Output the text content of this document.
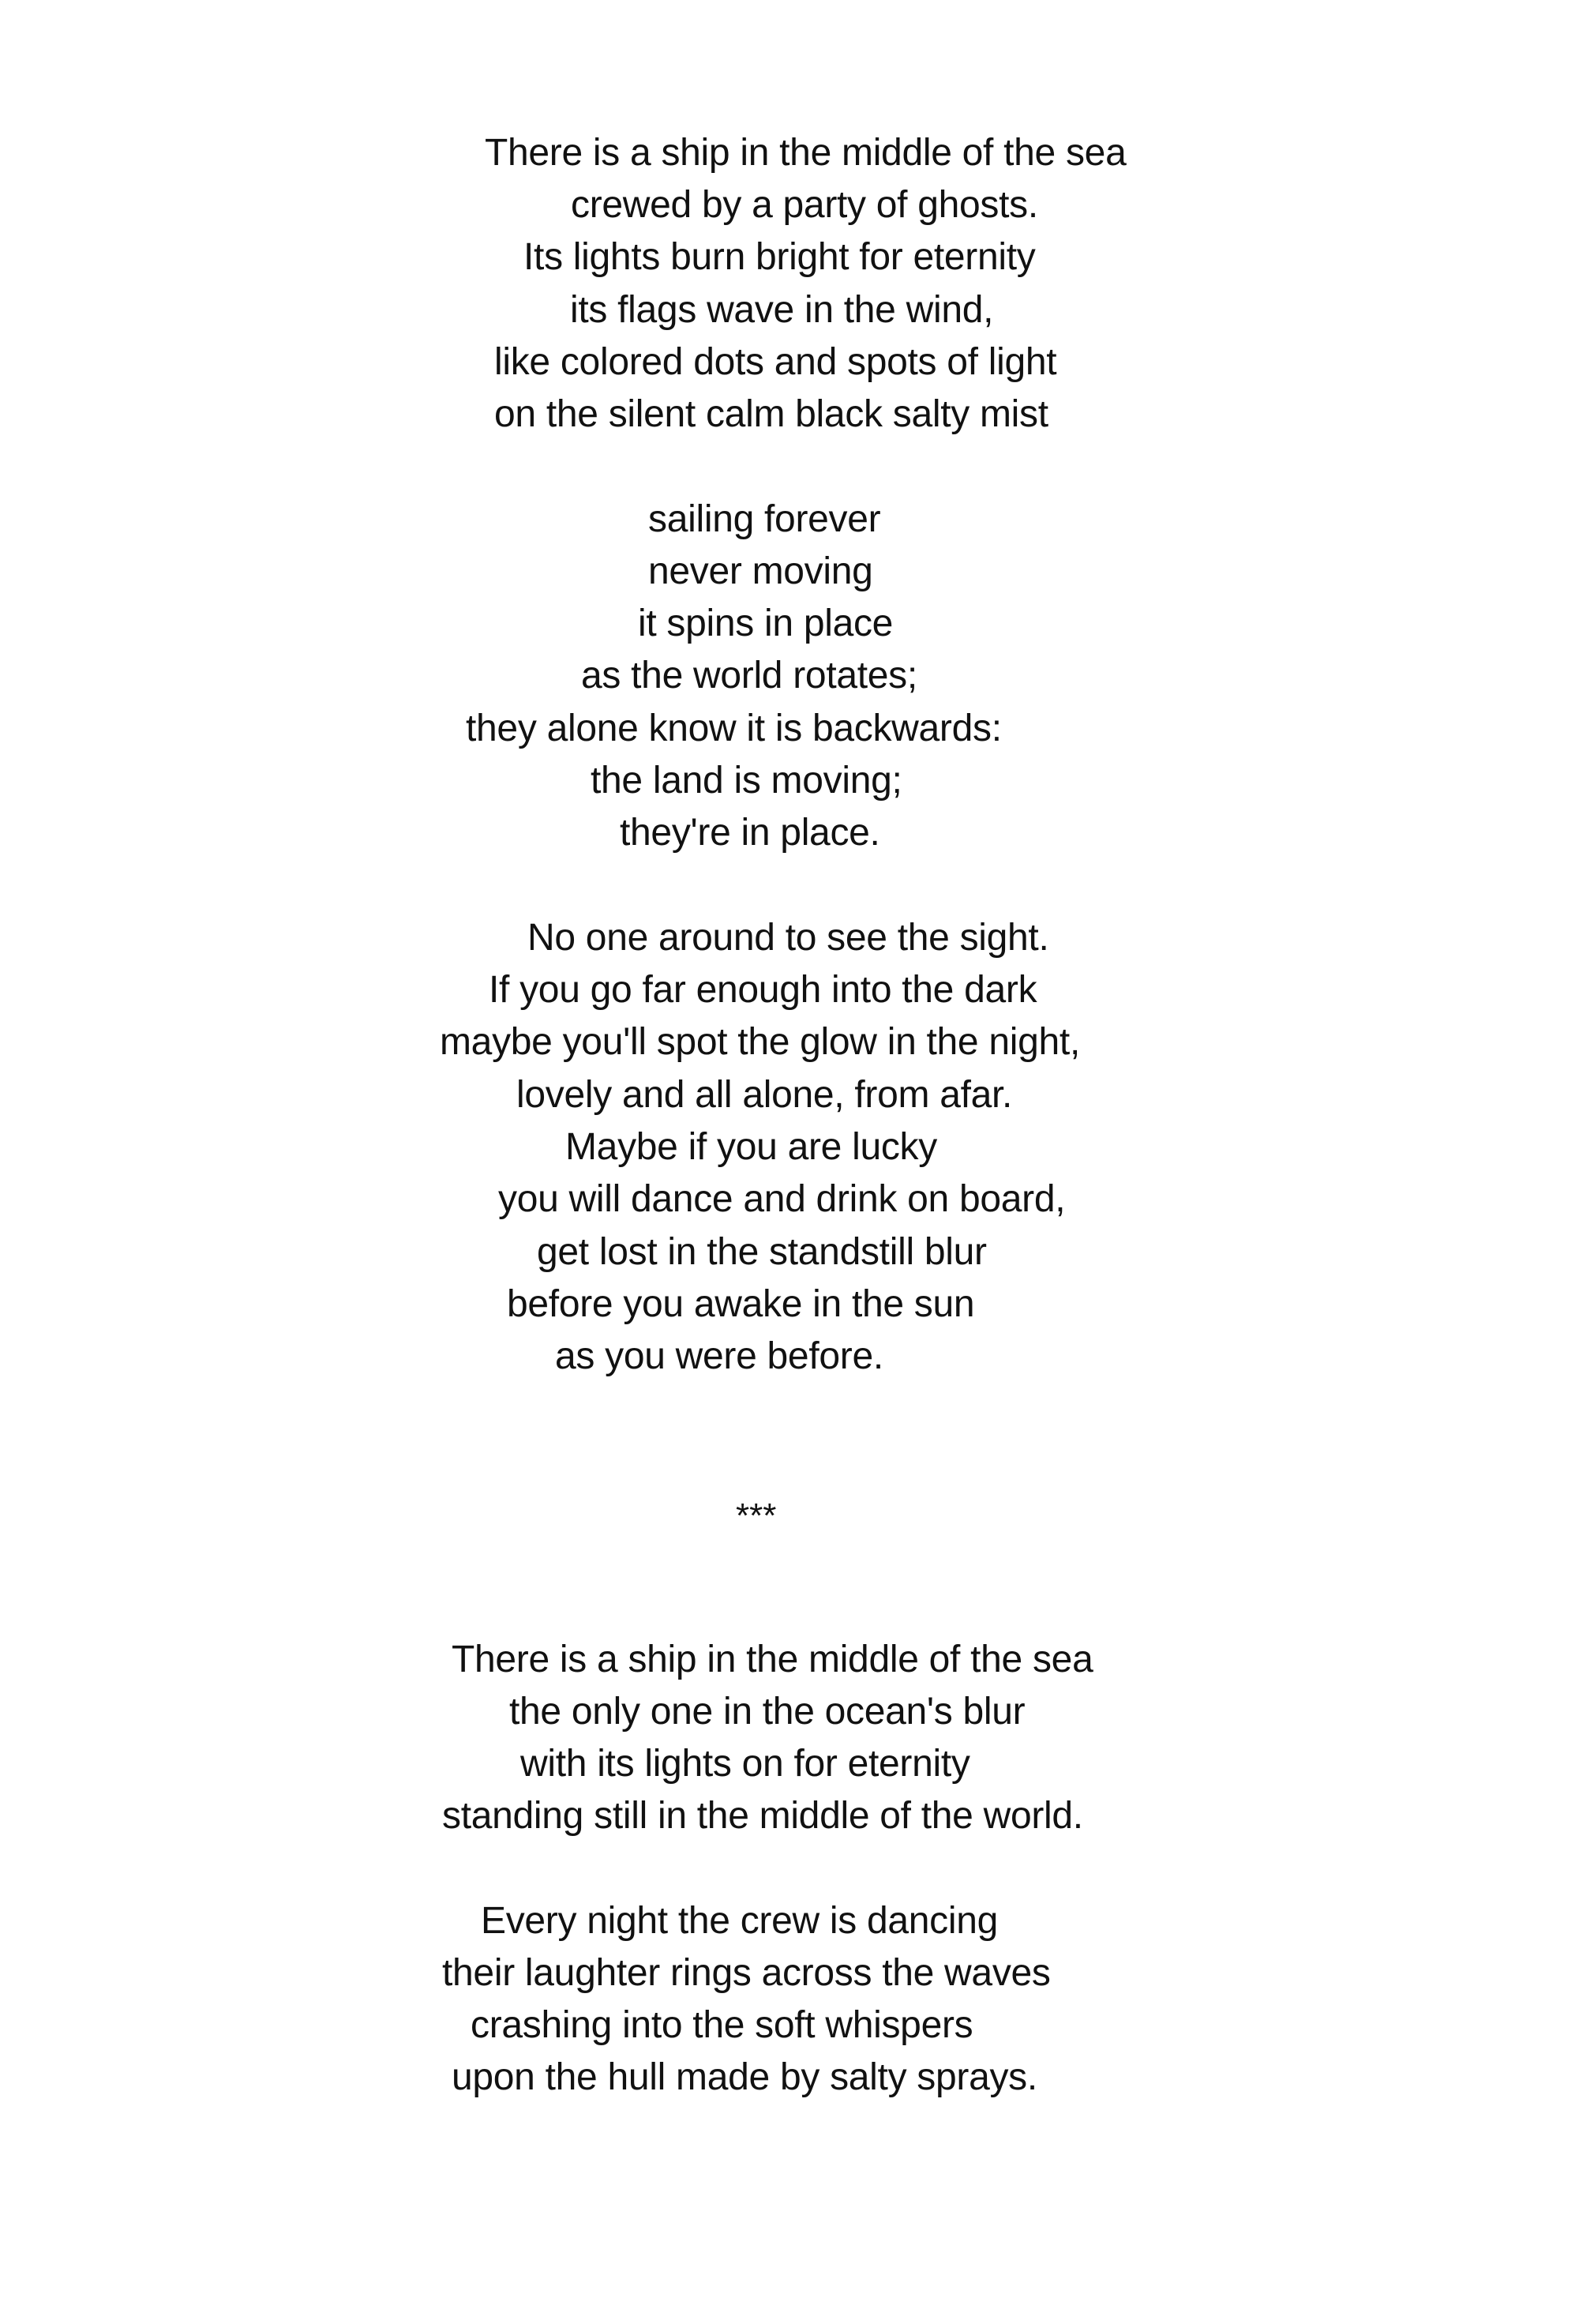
There is a ship in the middle of the sea
crewed by a party of ghosts.
Its lights burn bright for eternity
its flags wave in the wind,
like colored dots and spots of light
on the silent calm black salty mist
sailing forever
never moving
it spins in place
as the world rotates;
they alone know it is backwards:
the land is moving;
they're in place.
No one around to see the sight.
If you go far enough into the dark
maybe you'll spot the glow in the night,
lovely and all alone, from afar.
Maybe if you are lucky
you will dance and drink on board,
get lost in the standstill blur
before you awake in the sun
as you were before.
***
There is a ship in the middle of the sea
the only one in the ocean's blur
with its lights on for eternity
standing still in the middle of the world.
Every night the crew is dancing
their laughter rings across the waves
crashing into the soft whispers
upon the hull made by salty sprays.
